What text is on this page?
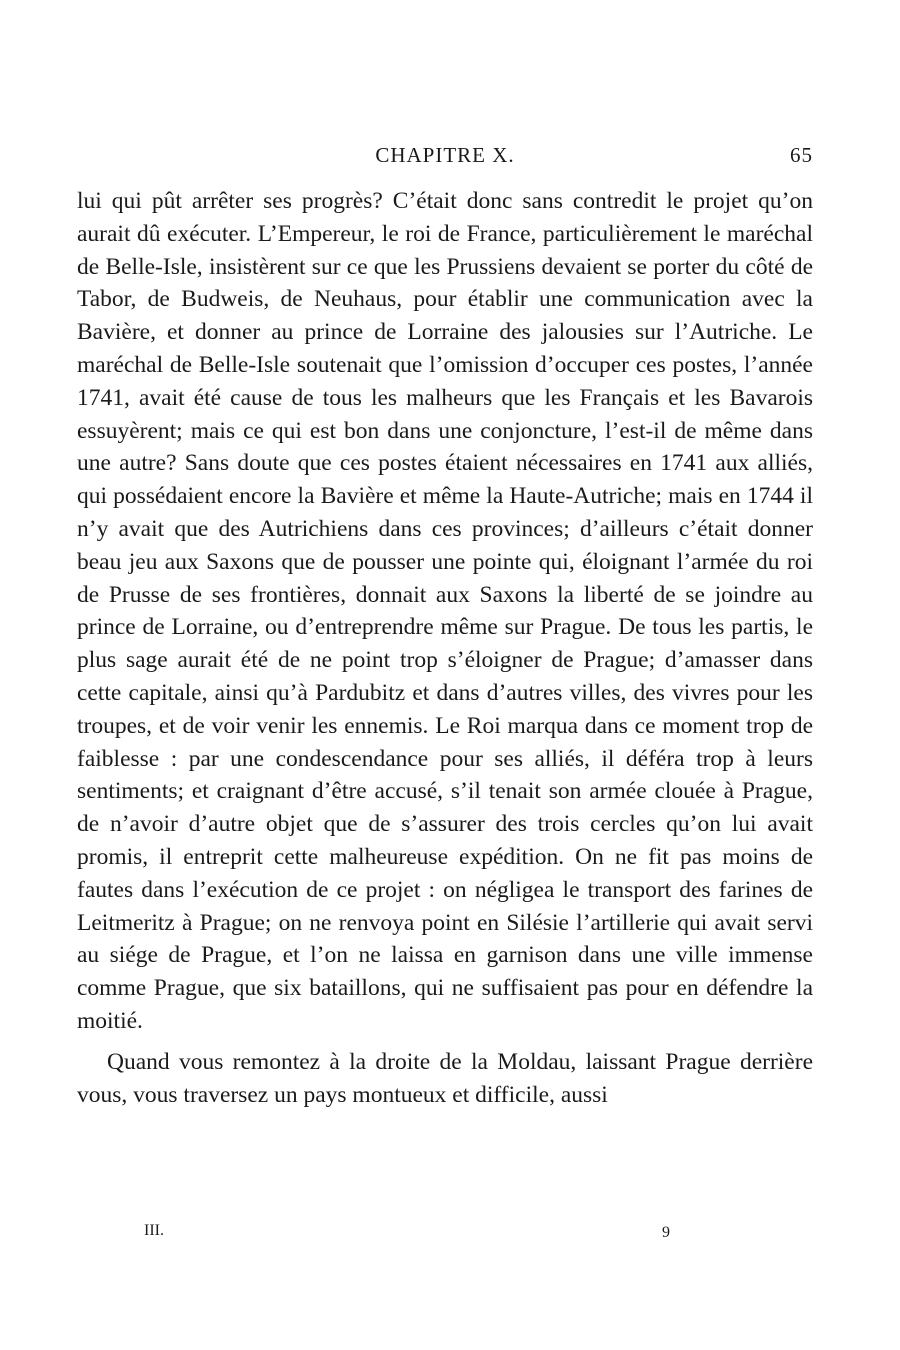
CHAPITRE X.	65

lui qui pût arrêter ses progrès? C’était donc sans contredit le projet qu’on aurait dû exécuter. L’Empereur, le roi de France, particulièrement le maréchal de Belle-Isle, insistèrent sur ce que les Prussiens devaient se porter du côté de Tabor, de Budweis, de Neuhaus, pour établir une communication avec la Bavière, et donner au prince de Lorraine des jalousies sur l’Autriche. Le maréchal de Belle-Isle soutenait que l’omission d’occuper ces postes, l’année 1741, avait été cause de tous les malheurs que les Français et les Bavarois essuyèrent; mais ce qui est bon dans une conjoncture, l’est-il de même dans une autre? Sans doute que ces postes étaient nécessaires en 1741 aux alliés, qui possédaient encore la Bavière et même la Haute-Autriche; mais en 1744 il n’y avait que des Autrichiens dans ces provinces; d’ailleurs c’était donner beau jeu aux Saxons que de pousser une pointe qui, éloignant l’armée du roi de Prusse de ses frontières, donnait aux Saxons la liberté de se joindre au prince de Lorraine, ou d’entreprendre même sur Prague. De tous les partis, le plus sage aurait été de ne point trop s’éloigner de Prague; d’amasser dans cette capitale, ainsi qu’à Pardubitz et dans d’autres villes, des vivres pour les troupes, et de voir venir les ennemis. Le Roi marqua dans ce moment trop de faiblesse : par une condescendance pour ses alliés, il déféra trop à leurs sentiments; et craignant d’être accusé, s’il tenait son armée clouée à Prague, de n’avoir d’autre objet que de s’assurer des trois cercles qu’on lui avait promis, il entreprit cette malheureuse expédition. On ne fit pas moins de fautes dans l’exécution de ce projet : on négligea le transport des farines de Leitmeritz à Prague; on ne renvoya point en Silésie l’artillerie qui avait servi au siége de Prague, et l’on ne laissa en garnison dans une ville immense comme Prague, que six bataillons, qui ne suffisaient pas pour en défendre la moitié.

Quand vous remontez à la droite de la Moldau, laissant Prague derrière vous, vous traversez un pays montueux et difficile, aussi

III.	9
